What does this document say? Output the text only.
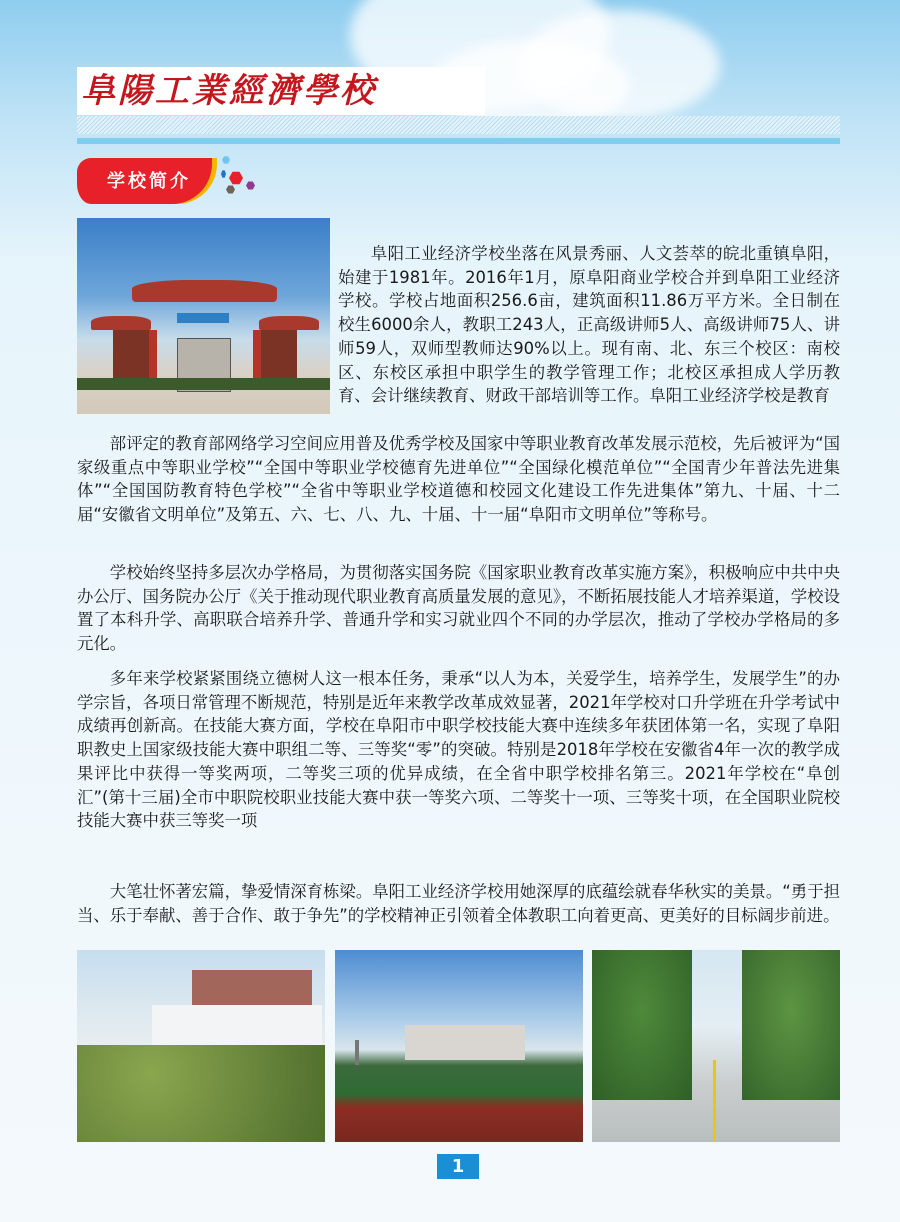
阜陽工業經濟學校
学校简介

阜阳工业经济学校坐落在风景秀丽、人文荟萃的皖北重镇阜阳，始建于1981年。2016年1月，原阜阳商业学校合并到阜阳工业经济学校。学校占地面积256.6亩，建筑面积11.86万平方米。全日制在校生6000余人，教职工243人，正高级讲师5人、高级讲师75人、讲师59人，双师型教师达90%以上。现有南、北、东三个校区：南校区、东校区承担中职学生的教学管理工作；北校区承担成人学历教育、会计继续教育、财政干部培训等工作。阜阳工业经济学校是教育

部评定的教育部网络学习空间应用普及优秀学校及国家中等职业教育改革发展示范校，先后被评为“国家级重点中等职业学校”“全国中等职业学校德育先进单位”“全国绿化模范单位”“全国青少年普法先进集体”“全国国防教育特色学校”“全省中等职业学校道德和校园文化建设工作先进集体”第九、十届、十二届“安徽省文明单位”及第五、六、七、八、九、十届、十一届“阜阳市文明单位”等称号。

学校始终坚持多层次办学格局，为贯彻落实国务院《国家职业教育改革实施方案》，积极响应中共中央办公厅、国务院办公厅《关于推动现代职业教育高质量发展的意见》，不断拓展技能人才培养渠道，学校设置了本科升学、高职联合培养升学、普通升学和实习就业四个不同的办学层次，推动了学校办学格局的多元化。

多年来学校紧紧围绕立德树人这一根本任务，秉承“以人为本，关爱学生，培养学生，发展学生”的办学宗旨，各项日常管理不断规范，特别是近年来教学改革成效显著，2021年学校对口升学班在升学考试中成绩再创新高。在技能大赛方面，学校在阜阳市中职学校技能大赛中连续多年获团体第一名，实现了阜阳职教史上国家级技能大赛中职组二等、三等奖“零”的突破。特别是2018年学校在安徽省4年一次的教学成果评比中获得一等奖两项，二等奖三项的优异成绩，在全省中职学校排名第三。2021年学校在“阜创汇”(第十三届)全市中职院校职业技能大赛中获一等奖六项、二等奖十一项、三等奖十项，在全国职业院校技能大赛中获三等奖一项

大笔壮怀著宏篇，挚爱情深育栋梁。阜阳工业经济学校用她深厚的底蕴绘就春华秋实的美景。“勇于担当、乐于奉献、善于合作、敢于争先”的学校精神正引领着全体教职工向着更高、更美好的目标阔步前进。

1
